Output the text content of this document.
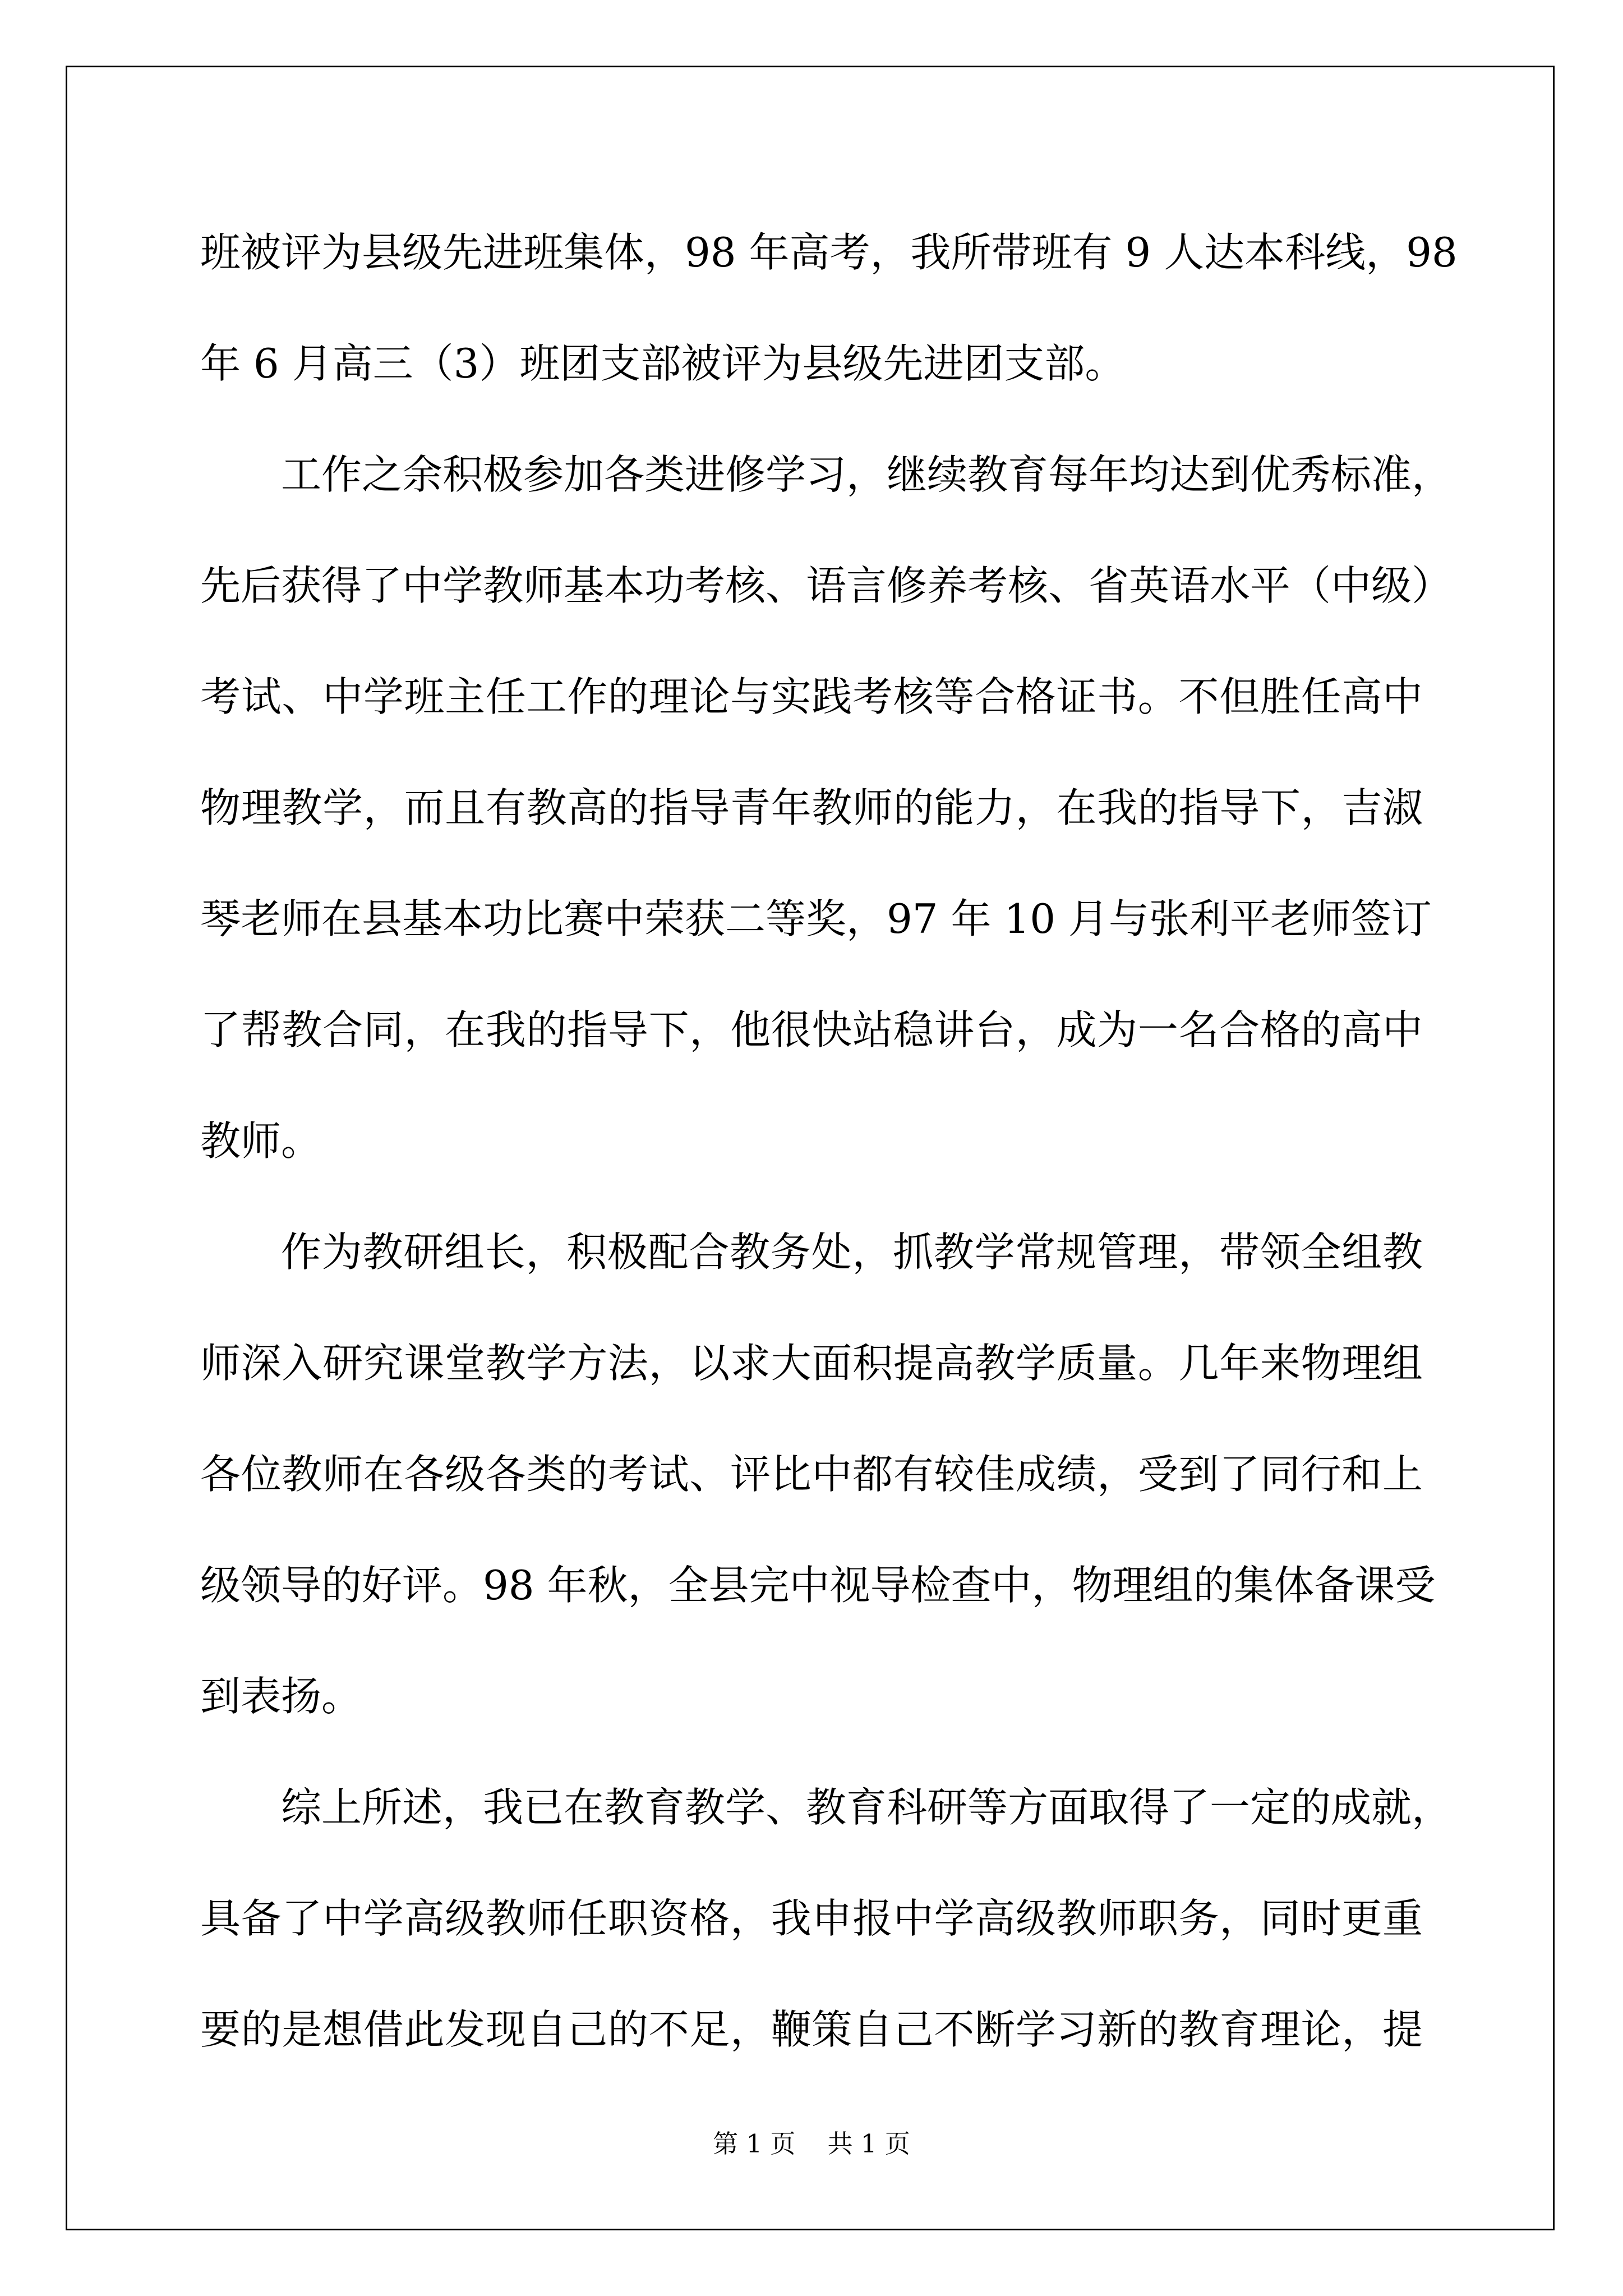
班被评为县级先进班集体，98 年高考，我所带班有 9 人达本科线，98
年 6 月高三（3）班团支部被评为县级先进团支部。
工作之余积极参加各类进修学习，继续教育每年均达到优秀标准，
先后获得了中学教师基本功考核、语言修养考核、省英语水平（中级）
考试、中学班主任工作的理论与实践考核等合格证书。不但胜任高中
物理教学，而且有教高的指导青年教师的能力，在我的指导下，吉淑
琴老师在县基本功比赛中荣获二等奖，97 年 10 月与张利平老师签订
了帮教合同，在我的指导下，他很快站稳讲台，成为一名合格的高中
教师。
作为教研组长，积极配合教务处，抓教学常规管理，带领全组教
师深入研究课堂教学方法，以求大面积提高教学质量。几年来物理组
各位教师在各级各类的考试、评比中都有较佳成绩，受到了同行和上
级领导的好评。98 年秋，全县完中视导检查中，物理组的集体备课受
到表扬。
综上所述，我已在教育教学、教育科研等方面取得了一定的成就，
具备了中学高级教师任职资格，我申报中学高级教师职务，同时更重
要的是想借此发现自己的不足，鞭策自己不断学习新的教育理论，提
第 1 页    共 1 页
